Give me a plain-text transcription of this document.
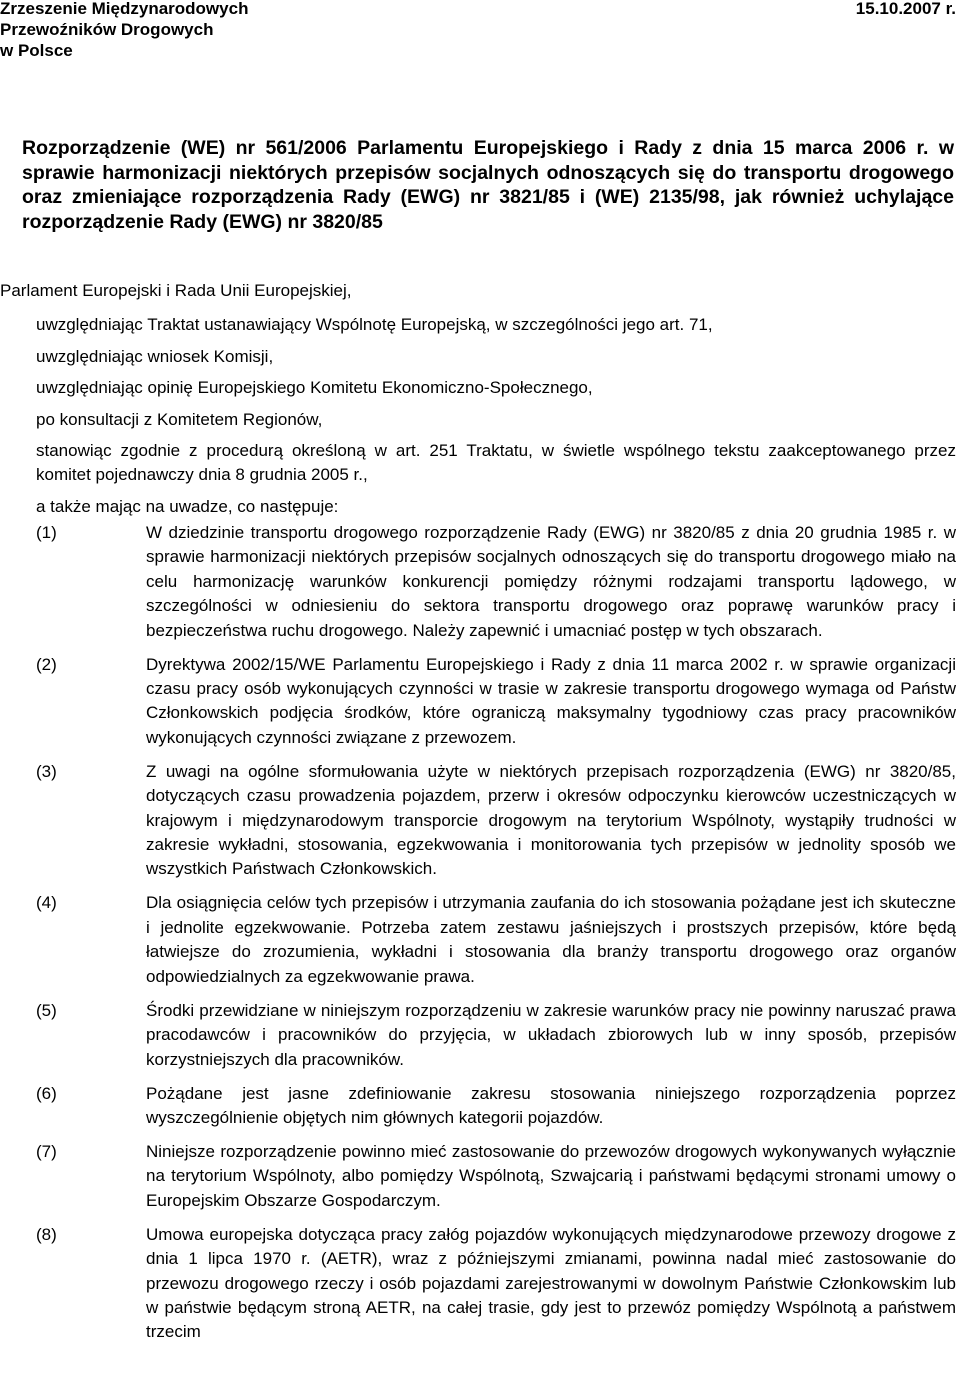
Zrzeszenie Międzynarodowych
Przewoźników Drogowych
w Polsce
15.10.2007 r.
Rozporządzenie (WE) nr 561/2006 Parlamentu Europejskiego i Rady z dnia 15 marca 2006 r. w sprawie harmonizacji niektórych przepisów socjalnych odnoszących się do transportu drogowego oraz zmieniające rozporządzenia Rady (EWG) nr 3821/85 i (WE) 2135/98, jak również uchylające rozporządzenie Rady (EWG) nr 3820/85
Parlament Europejski i Rada Unii Europejskiej,

uwzględniając Traktat ustanawiający Wspólnotę Europejską, w szczególności jego art. 71,

uwzględniając wniosek Komisji,

uwzględniając opinię Europejskiego Komitetu Ekonomiczno-Społecznego,

po konsultacji z Komitetem Regionów,

stanowiąc zgodnie z procedurą określoną w art. 251 Traktatu, w świetle wspólnego tekstu zaakceptowanego przez komitet pojednawczy dnia 8 grudnia 2005 r.,

a także mając na uwadze, co następuje:

(1)	W dziedzinie transportu drogowego rozporządzenie Rady (EWG) nr 3820/85 z dnia 20 grudnia 1985 r. w sprawie harmonizacji niektórych przepisów socjalnych odnoszących się do transportu drogowego miało na celu harmonizację warunków konkurencji pomiędzy różnymi rodzajami transportu lądowego, w szczególności w odniesieniu do sektora transportu drogowego oraz poprawę warunków pracy i bezpieczeństwa ruchu drogowego. Należy zapewnić i umacniać postęp w tych obszarach.
(2)	Dyrektywa 2002/15/WE Parlamentu Europejskiego i Rady z dnia 11 marca 2002 r. w sprawie organizacji czasu pracy osób wykonujących czynności w trasie w zakresie transportu drogowego wymaga od Państw Członkowskich podjęcia środków, które ograniczą maksymalny tygodniowy czas pracy pracowników wykonujących czynności związane z przewozem.
(3)	Z uwagi na ogólne sformułowania użyte w niektórych przepisach rozporządzenia (EWG) nr 3820/85, dotyczących czasu prowadzenia pojazdem, przerw i okresów odpoczynku kierowców uczestniczących w krajowym i międzynarodowym transporcie drogowym na terytorium Wspólnoty, wystąpiły trudności w zakresie wykładni, stosowania, egzekwowania i monitorowania tych przepisów w jednolity sposób we wszystkich Państwach Członkowskich.
(4)	Dla osiągnięcia celów tych przepisów i utrzymania zaufania do ich stosowania pożądane jest ich skuteczne i jednolite egzekwowanie. Potrzeba zatem zestawu jaśniejszych i prostszych przepisów, które będą łatwiejsze do zrozumienia, wykładni i stosowania dla branży transportu drogowego oraz organów odpowiedzialnych za egzekwowanie prawa.
(5)	Środki przewidziane w niniejszym rozporządzeniu w zakresie warunków pracy nie powinny naruszać prawa pracodawców i pracowników do przyjęcia, w układach zbiorowych lub w inny sposób, przepisów korzystniejszych dla pracowników.
(6)	Pożądane jest jasne zdefiniowanie zakresu stosowania niniejszego rozporządzenia poprzez wyszczególnienie objętych nim głównych kategorii pojazdów.
(7)	Niniejsze rozporządzenie powinno mieć zastosowanie do przewozów drogowych wykonywanych wyłącznie na terytorium Wspólnoty, albo pomiędzy Wspólnotą, Szwajcarią i państwami będącymi stronami umowy o Europejskim Obszarze Gospodarczym.
(8)	Umowa europejska dotycząca pracy załóg pojazdów wykonujących międzynarodowe przewozy drogowe z dnia 1 lipca 1970 r. (AETR), wraz z późniejszymi zmianami, powinna nadal mieć zastosowanie do przewozu drogowego rzeczy i osób pojazdami zarejestrowanymi w dowolnym Państwie Członkowskim lub w państwie będącym stroną AETR, na całej trasie, gdy jest to przewóz pomiędzy Wspólnotą a państwem trzecim
